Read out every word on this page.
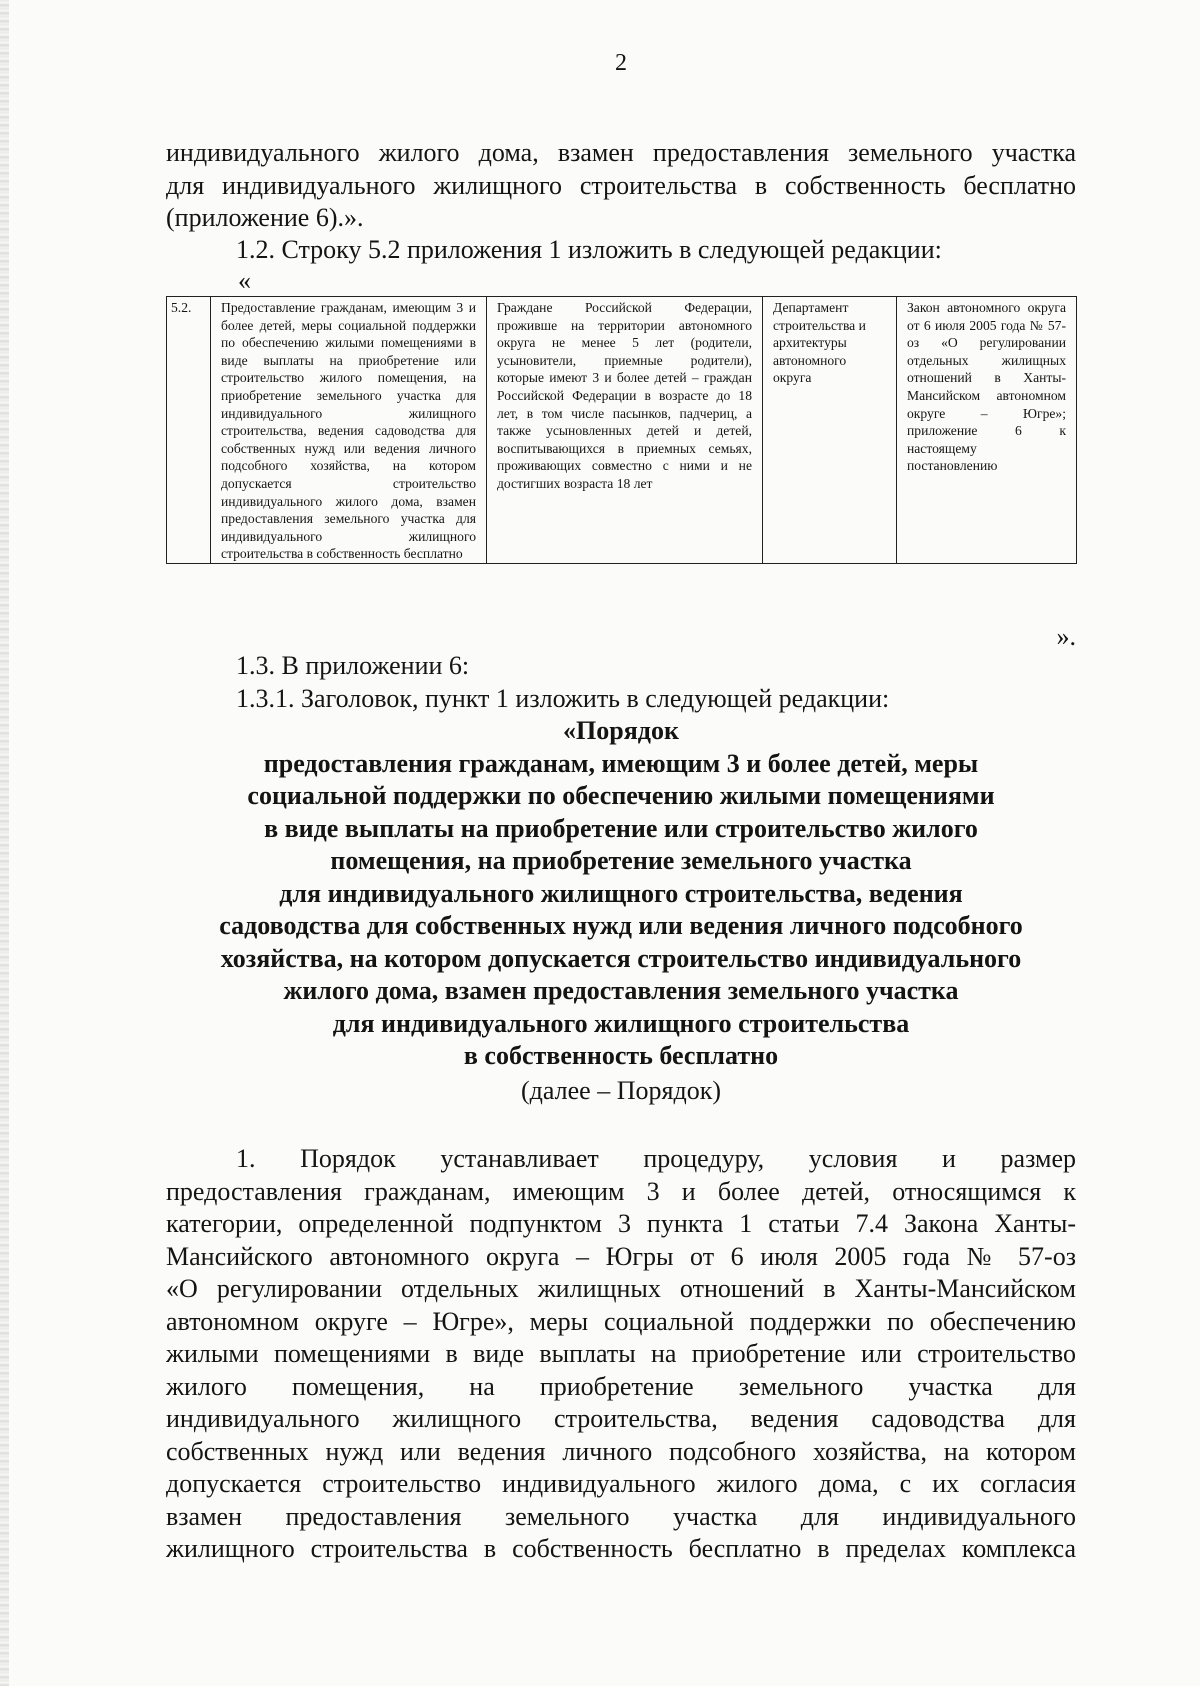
2
индивидуального жилого дома, взамен предоставления земельного участка
для индивидуального жилищного строительства в собственность бесплатно
(приложение 6).».
1.2. Строку 5.2 приложения 1 изложить в следующей редакции:
«
5.2.	Предоставление гражданам, имеющим 3 и более детей, меры социальной поддержки по обеспечению жилыми помещениями в виде выплаты на приобретение или строительство жилого помещения, на приобретение земельного участка для индивидуального жилищного строительства, ведения садоводства для собственных нужд или ведения личного подсобного хозяйства, на котором допускается строительство индивидуального жилого дома, взамен предоставления земельного участка для индивидуального жилищного строительства в собственность бесплатно	Граждане Российской Федерации, проживше на территории автономного округа не менее 5 лет (родители, усыновители, приемные родители), которые имеют 3 и более детей – граждан Российской Федерации в возрасте до 18 лет, в том числе пасынков, падчериц, а также усыновленных детей и детей, воспитывающихся в приемных семьях, проживающих совместно с ними и не достигших возраста 18 лет	Департамент строительства и архитектуры автономного округа	Закон автономного округа от 6 июля 2005 года № 57-оз «О регулировании отдельных жилищных отношений в Ханты-Мансийском автономном округе – Югре»; приложение 6 к настоящему постановлению
».
1.3. В приложении 6:
1.3.1. Заголовок, пункт 1 изложить в следующей редакции:
«Порядок
предоставления гражданам, имеющим 3 и более детей, меры
социальной поддержки по обеспечению жилыми помещениями
в виде выплаты на приобретение или строительство жилого
помещения, на приобретение земельного участка
для индивидуального жилищного строительства, ведения
садоводства для собственных нужд или ведения личного подсобного
хозяйства, на котором допускается строительство индивидуального
жилого дома, взамен предоставления земельного участка
для индивидуального жилищного строительства
в собственность бесплатно
(далее – Порядок)
1. Порядок устанавливает процедуру, условия и размер
предоставления гражданам, имеющим 3 и более детей, относящимся к
категории, определенной подпунктом 3 пункта 1 статьи 7.4 Закона Ханты-
Мансийского автономного округа – Югры от 6 июля 2005 года № 57-оз
«О регулировании отдельных жилищных отношений в Ханты-Мансийском
автономном округе – Югре», меры социальной поддержки по обеспечению
жилыми помещениями в виде выплаты на приобретение или строительство
жилого помещения, на приобретение земельного участка для
индивидуального жилищного строительства, ведения садоводства для
собственных нужд или ведения личного подсобного хозяйства, на котором
допускается строительство индивидуального жилого дома, с их согласия
взамен предоставления земельного участка для индивидуального
жилищного строительства в собственность бесплатно в пределах комплекса
